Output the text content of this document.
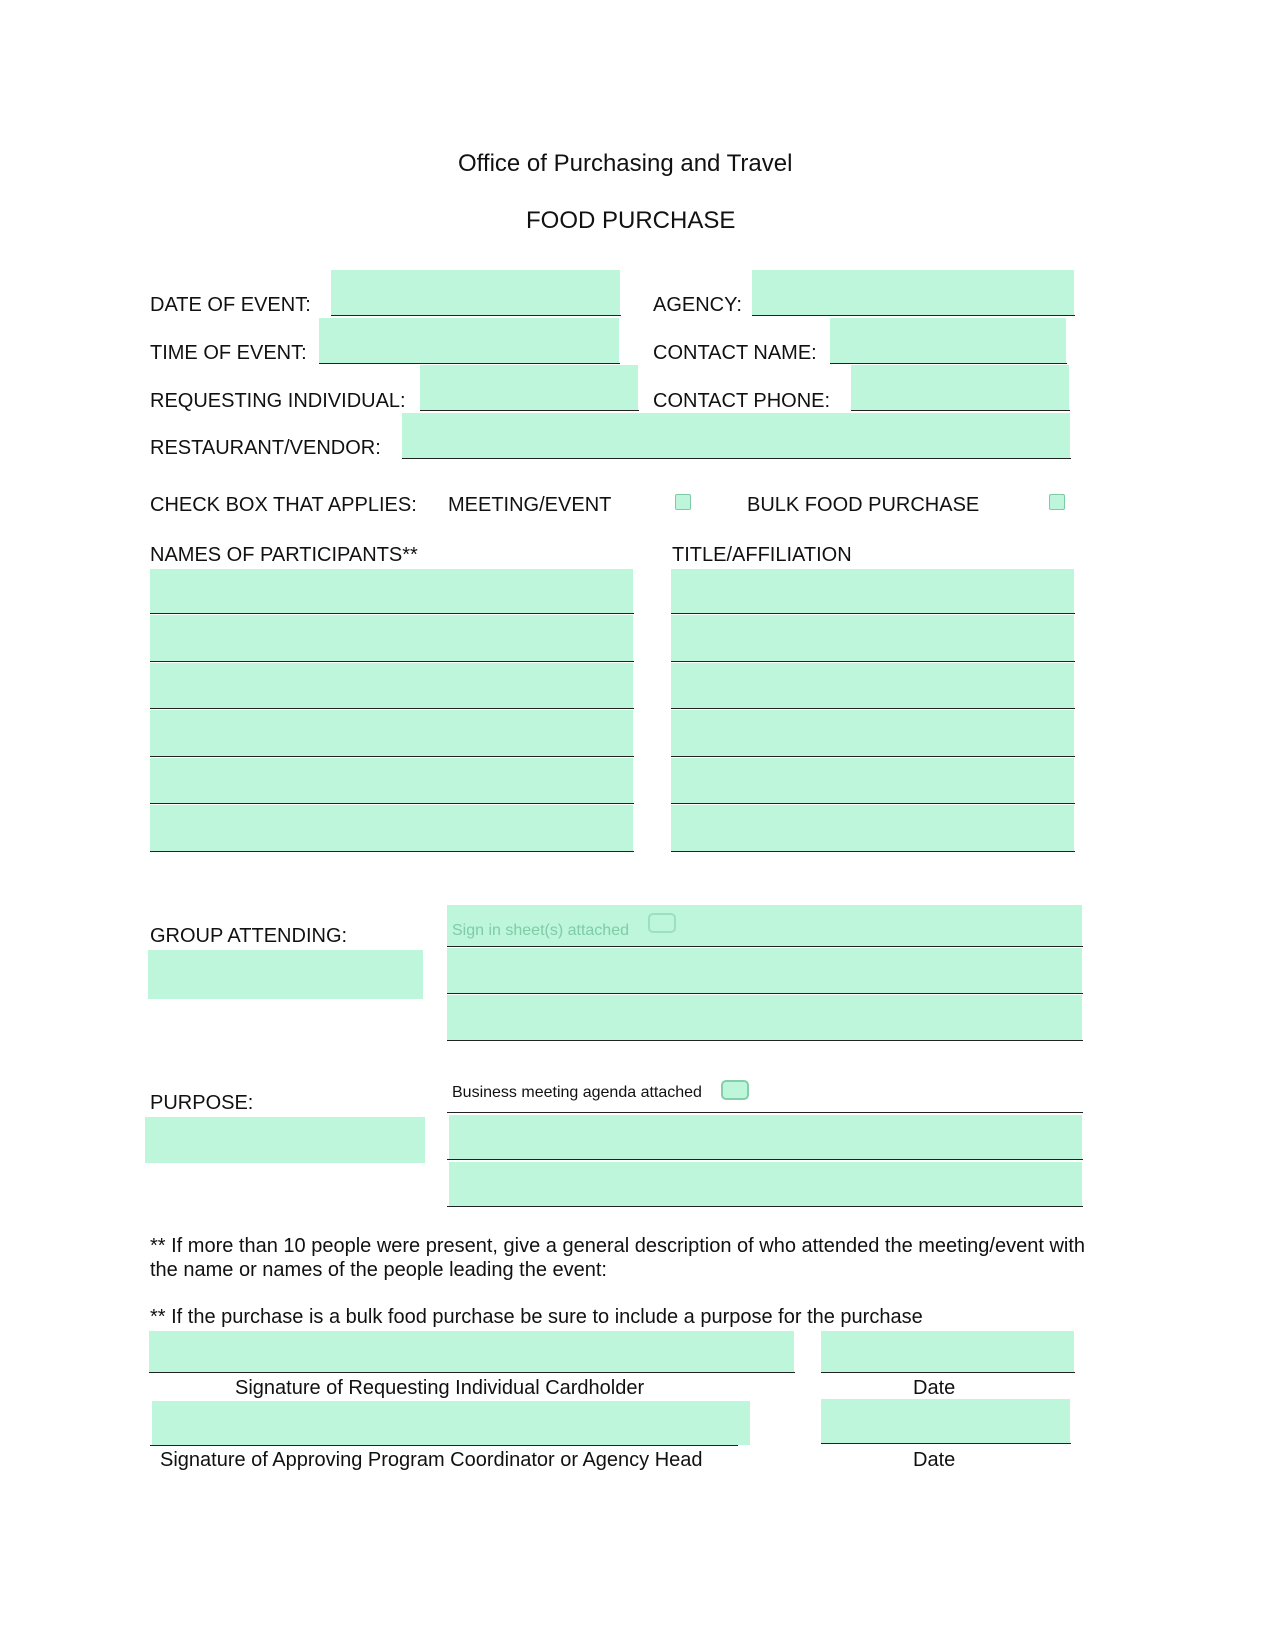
Office of Purchasing and Travel
FOOD PURCHASE
DATE OF EVENT:	AGENCY:
TIME OF EVENT:	CONTACT NAME:
REQUESTING INDIVIDUAL:	CONTACT PHONE:
RESTAURANT/VENDOR:
CHECK BOX THAT APPLIES: MEETING/EVENT	BULK FOOD PURCHASE
NAMES OF PARTICIPANTS**	TITLE/AFFILIATION
GROUP ATTENDING:	Sign in sheet(s) attached
PURPOSE:	Business meeting agenda attached
** If more than 10 people were present, give a general description of who attended the meeting/event with
the name or names of the people leading the event:
** If the purchase is a bulk food purchase be sure to include a purpose for the purchase
Signature of Requesting Individual Cardholder	Date
Signature of Approving Program Coordinator or Agency Head	Date
